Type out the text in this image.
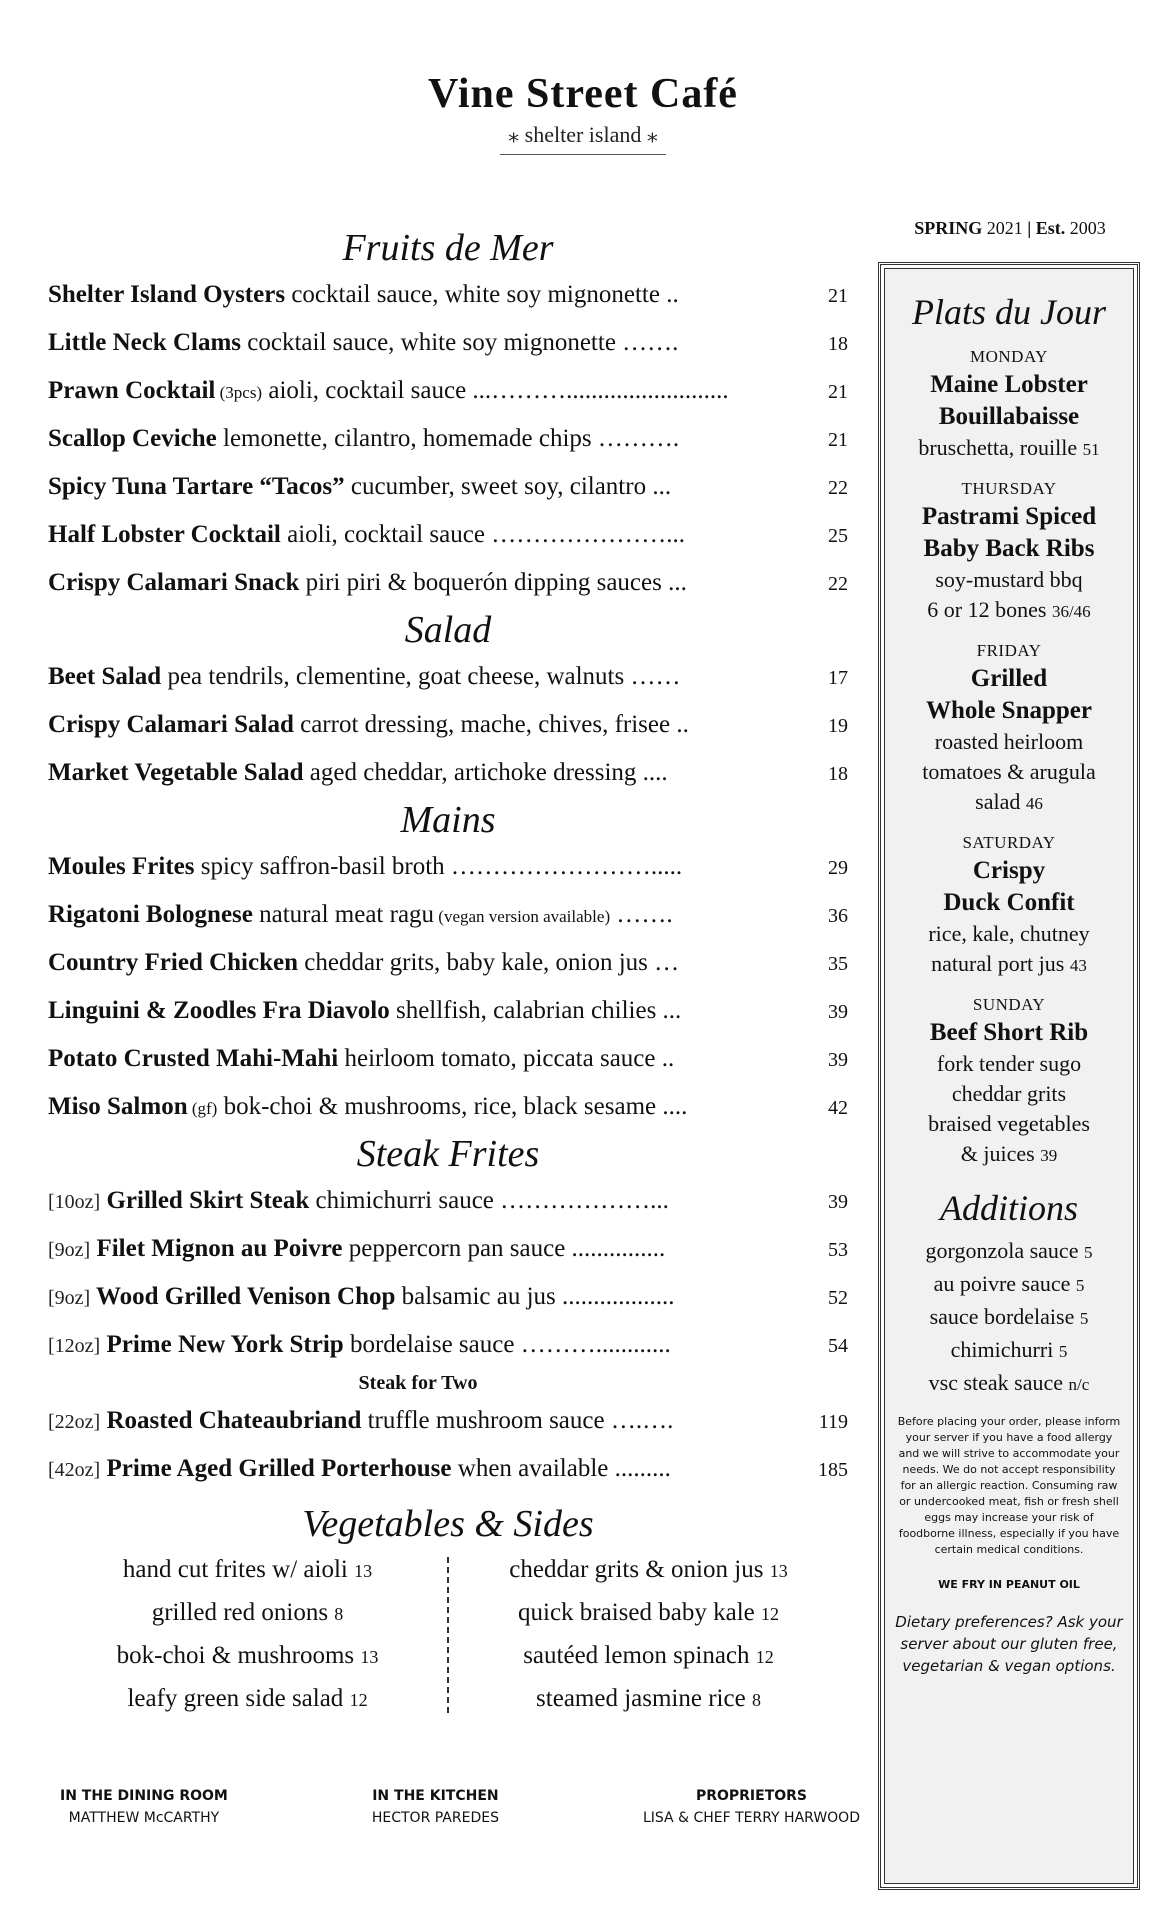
Vine Street Café
⁎ shelter island ⁎
SPRING 2021 | Est. 2003
Fruits de Mer
Shelter Island Oysters cocktail sauce, white soy mignonette ..	21
Little Neck Clams cocktail sauce, white soy mignonette …….	18
Prawn Cocktail (3pcs) aioli, cocktail sauce ...………..........................	21
Scallop Ceviche lemonette, cilantro, homemade chips ……….	21
Spicy Tuna Tartare “Tacos” cucumber, sweet soy, cilantro ...	22
Half Lobster Cocktail aioli, cocktail sauce …………………...	25
Crispy Calamari Snack piri piri & boquerón dipping sauces ...	22
Salad
Beet Salad pea tendrils, clementine, goat cheese, walnuts ……	17
Crispy Calamari Salad carrot dressing, mache, chives, frisee ..	19
Market Vegetable Salad aged cheddar, artichoke dressing ....	18
Mains
Moules Frites spicy saffron-basil broth …………………….....	29
Rigatoni Bolognese natural meat ragu (vegan version available) …….	36
Country Fried Chicken cheddar grits, baby kale, onion jus …	35
Linguini & Zoodles Fra Diavolo shellfish, calabrian chilies ...	39
Potato Crusted Mahi-Mahi heirloom tomato, piccata sauce ..	39
Miso Salmon (gf) bok-choi & mushrooms, rice, black sesame ....	42
Steak Frites
[10oz] Grilled Skirt Steak chimichurri sauce ………………...	39
[9oz] Filet Mignon au Poivre peppercorn pan sauce ...............	53
[9oz] Wood Grilled Venison Chop balsamic au jus ..................	52
[12oz] Prime New York Strip bordelaise sauce ………............	54
Steak for Two
[22oz] Roasted Chateaubriand truffle mushroom sauce ….….	119
[42oz] Prime Aged Grilled Porterhouse when available .........	185
Vegetables & Sides
hand cut frites w/ aioli 13
grilled red onions 8
bok-choi & mushrooms 13
leafy green side salad 12
cheddar grits & onion jus 13
quick braised baby kale 12
sautéed lemon spinach 12
steamed jasmine rice 8
IN THE DINING ROOM
MATTHEW McCARTHY
IN THE KITCHEN
HECTOR PAREDES
PROPRIETORS
LISA & CHEF TERRY HARWOOD
Plats du Jour
MONDAY
Maine Lobster
Bouillabaisse
bruschetta, rouille 51
THURSDAY
Pastrami Spiced
Baby Back Ribs
soy-mustard bbq
6 or 12 bones 36/46
FRIDAY
Grilled
Whole Snapper
roasted heirloom
tomatoes & arugula
salad 46
SATURDAY
Crispy
Duck Confit
rice, kale, chutney
natural port jus 43
SUNDAY
Beef Short Rib
fork tender sugo
cheddar grits
braised vegetables
& juices 39
Additions
gorgonzola sauce 5
au poivre sauce 5
sauce bordelaise 5
chimichurri 5
vsc steak sauce n/c
Before placing your order, please inform your server if you have a food allergy and we will strive to accommodate your needs. We do not accept responsibility for an allergic reaction. Consuming raw or undercooked meat, fish or fresh shell eggs may increase your risk of foodborne illness, especially if you have certain medical conditions.
WE FRY IN PEANUT OIL
Dietary preferences? Ask your server about our gluten free, vegetarian & vegan options.
